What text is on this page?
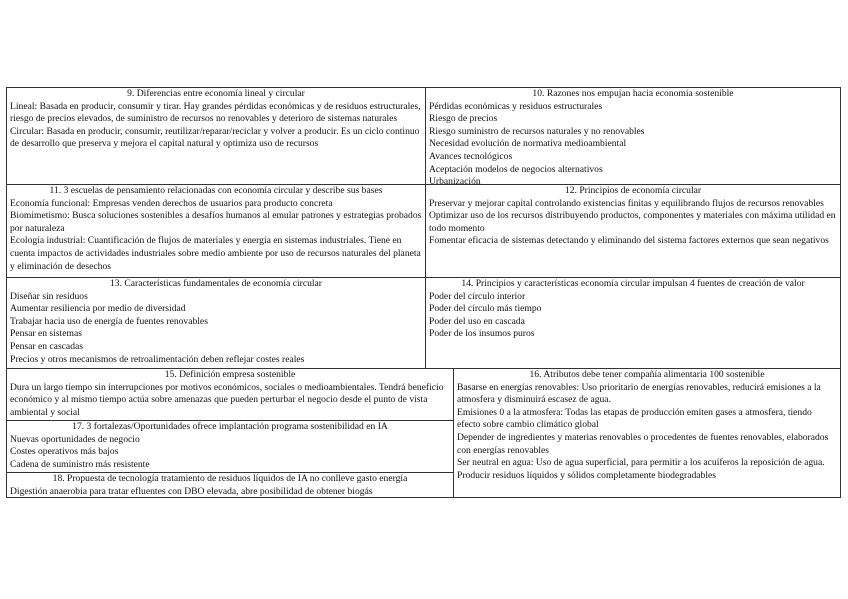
9. Diferencias entre economía lineal y circular
Lineal: Basada en producir, consumir y tirar. Hay grandes pérdidas económicas y de residuos estructurales, riesgo de precios elevados, de suministro de recursos no renovables y deterioro de sistemas naturales
Circular: Basada en producir, consumir, reutilizar/reparar/reciclar y volver a producir. Es un ciclo continuo de desarrollo que preserva y mejora el capital natural y optimiza uso de recursos
10. Razones nos empujan hacia economía sostenible
Pérdidas económicas y residuos estructurales
Riesgo de precios
Riesgo suministro de recursos naturales y no renovables
Necesidad evolución de normativa medioambiental
Avances tecnológicos
Aceptación modelos de negocios alternativos
Urbanización
11. 3 escuelas de pensamiento relacionadas con economía circular y describe sus bases
Economía funcional: Empresas venden derechos de usuarios para producto concreta
Biomimetismo: Busca soluciones sostenibles a desafíos humanos al emular patrones y estrategias probados por naturaleza
Ecología industrial: Cuantificación de flujos de materiales y energía en sistemas industriales. Tiene en cuenta impactos de actividades industriales sobre medio ambiente por uso de recursos naturales del planeta y eliminación de desechos
12. Principios de economía circular
Preservar y mejorar capital controlando existencias finitas y equilibrando flujos de recursos renovables
Optimizar uso de los recursos distribuyendo productos, componentes y materiales con máxima utilidad en todo momento
Fomentar eficacia de sistemas detectando y eliminando del sistema factores externos que sean negativos
13. Características fundamentales de economía circular
Diseñar sin residuos
Aumentar resiliencia por medio de diversidad
Trabajar hacia uso de energía de fuentes renovables
Pensar en sistemas
Pensar en cascadas
Precios y otros mecanismos de retroalimentación deben reflejar costes reales
14. Principios y características economía circular impulsan 4 fuentes de creación de valor
Poder del círculo interior
Poder del círculo más tiempo
Poder del uso en cascada
Poder de los insumos puros
15. Definición empresa sostenible
Dura un largo tiempo sin interrupciones por motivos económicos, sociales o medioambientales. Tendrá beneficio económico y al mismo tiempo actúa sobre amenazas que pueden perturbar el negocio desde el punto de vista ambiental y social
16. Atributos debe tener compañía alimentaria 100 sostenible
Basarse en energías renovables: Uso prioritario de energías renovables, reducirá emisiones a la atmosfera y disminuirá escasez de agua.
Emisiones 0 a la atmosfera: Todas las etapas de producción emiten gases a atmosfera, tiendo efecto sobre cambio climático global
Depender de ingredientes y materias renovables o procedentes de fuentes renovables, elaborados con energías renovables
Ser neutral en agua: Uso de agua superficial, para permitir a los acuíferos la reposición de agua.
Producir residuos líquidos y sólidos completamente biodegradables
17. 3 fortalezas/Oportunidades ofrece implantación programa sostenibilidad en IA
Nuevas oportunidades de negocio
Costes operativos más bajos
Cadena de suministro más resistente
18. Propuesta de tecnología tratamiento de residuos líquidos de IA no conlleve gasto energía
Digestión anaerobia para tratar efluentes con DBO elevada, abre posibilidad de obtener biogás
